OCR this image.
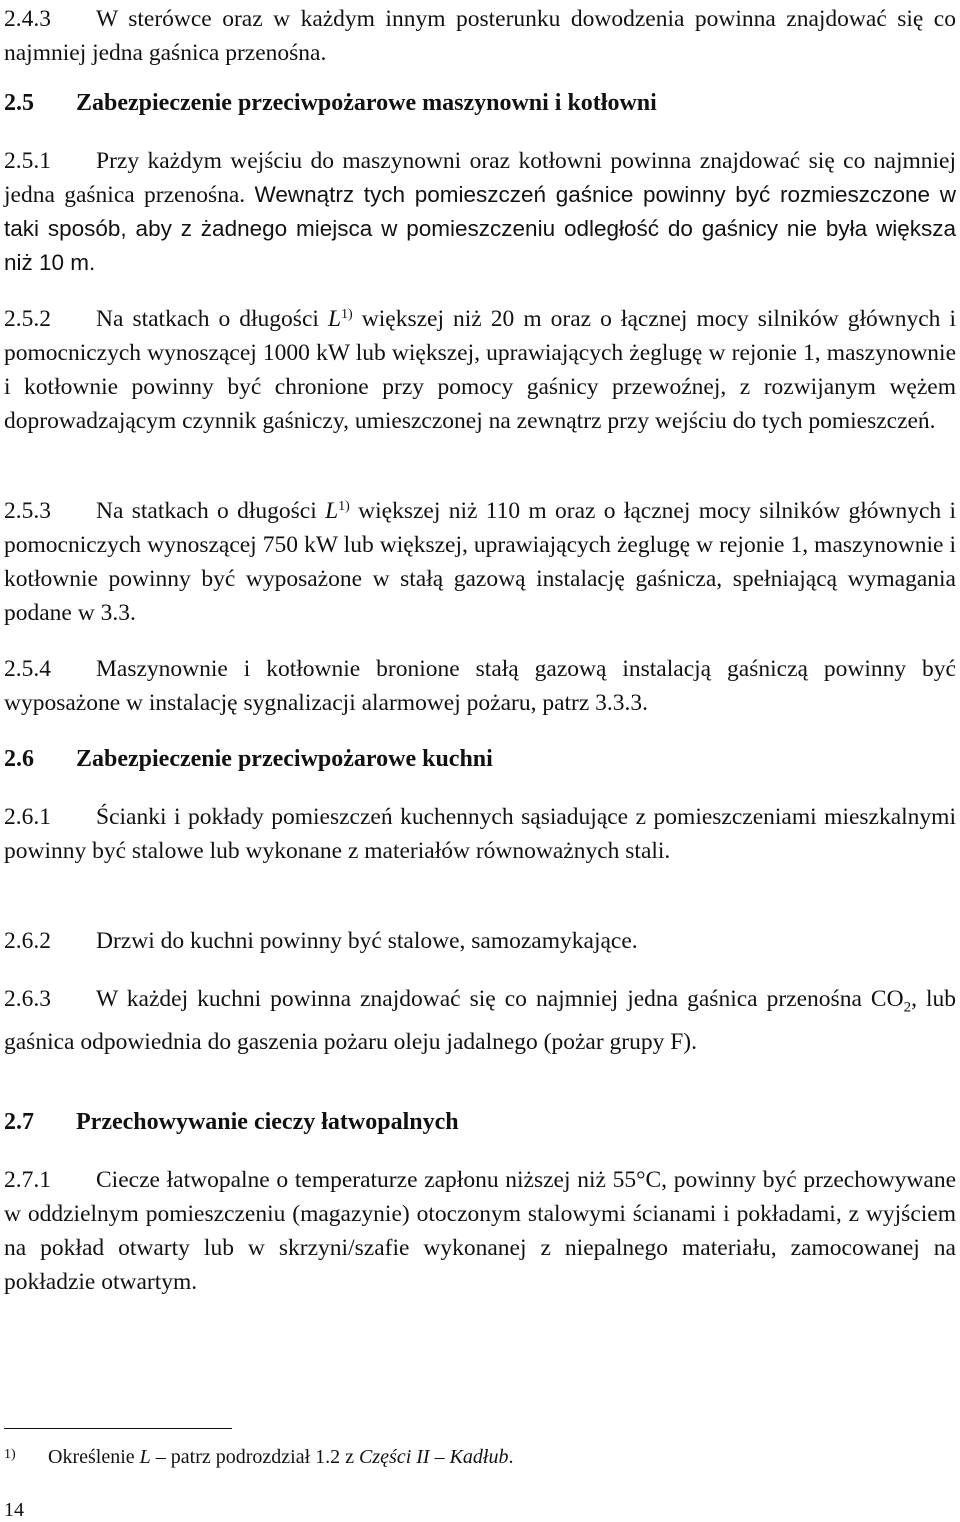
2.4.3 W sterówce oraz w każdym innym posterunku dowodzenia powinna znajdować się co najmniej jedna gaśnica przenośna.

2.5 Zabezpieczenie przeciwpożarowe maszynowni i kotłowni

2.5.1 Przy każdym wejściu do maszynowni oraz kotłowni powinna znajdować się co najmniej jedna gaśnica przenośna. Wewnątrz tych pomieszczeń gaśnice powinny być rozmieszczone w taki sposób, aby z żadnego miejsca w pomieszczeniu odległość do gaśnicy nie była większa niż 10 m.

2.5.2 Na statkach o długości $L^{1)}$ większej niż 20 m oraz o łącznej mocy silników głównych i pomocniczych wynoszącej 1000 kW lub większej, uprawiających żeglugę w rejonie 1, maszynownie i kotłownie powinny być chronione przy pomocy gaśnicy przewoźnej, z rozwijanym wężem doprowadzającym czynnik gaśniczy, umieszczonej na zewnątrz przy wejściu do tych pomieszczeń.

2.5.3 Na statkach o długości $L^{1)}$ większej niż 110 m oraz o łącznej mocy silników głównych i pomocniczych wynoszącej 750 kW lub większej, uprawiających żeglugę w rejonie 1, maszynownie i kotłownie powinny być wyposażone w stałą gazową instalację gaśnicza, spełniającą wymagania podane w 3.3.

2.5.4 Maszynownie i kotłownie bronione stałą gazową instalacją gaśniczą powinny być wyposażone w instalację sygnalizacji alarmowej pożaru, patrz 3.3.3.

2.6 Zabezpieczenie przeciwpożarowe kuchni

2.6.1 Ścianki i pokłady pomieszczeń kuchennych sąsiadujące z pomieszczeniami mieszkalnymi powinny być stalowe lub wykonane z materiałów równoważnych stali.

2.6.2 Drzwi do kuchni powinny być stalowe, samozamykające.

2.6.3 W każdej kuchni powinna znajdować się co najmniej jedna gaśnica przenośna $CO_2$, lub gaśnica odpowiednia do gaszenia pożaru oleju jadalnego (pożar grupy F).

2.7 Przechowywanie cieczy łatwopalnych

2.7.1 Ciecze łatwopalne o temperaturze zapłonu niższej niż 55°C, powinny być przechowywane w oddzielnym pomieszczeniu (magazynie) otoczonym stalowymi ścianami i pokładami, z wyjściem na pokład otwarty lub w skrzyni/szafie wykonanej z niepalnego materiału, zamocowanej na pokładzie otwartym.

1) Określenie L – patrz podrozdział 1.2 z Części II – Kadłub.
14
